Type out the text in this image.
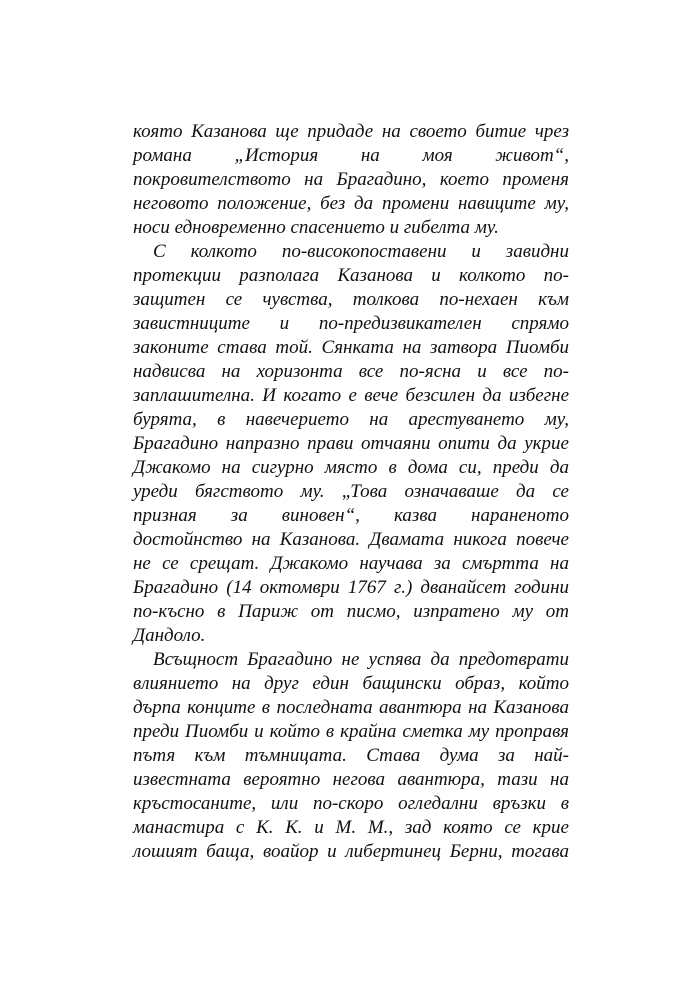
която Казанова ще придаде на своето битие чрез
романа „История на моя живот“,
покровителството на Брагадино, което променя
неговото положение, без да промени навиците му,
носи едновременно спасението и гибелта му.
С колкото по-високопоставени и завидни
протекции разполага Казанова и колкото по-
защитен се чувства, толкова по-нехаен към
завистниците и по-предизвикателен спрямо
законите става той. Сянката на затвора Пиомби
надвисва на хоризонта все по-ясна и все по-
заплашителна. И когато е вече безсилен да избегне
бурята, в навечерието на арестуването му,
Брагадино напразно прави отчаяни опити да укрие
Джакомо на сигурно място в дома си, преди да
уреди бягството му. „Това означаваше да се
призная за виновен“, казва нараненото
достойнство на Казанова. Двамата никога повече
не се срещат. Джакомо научава за смъртта на
Брагадино (14 октомври 1767 г.) дванайсет години
по-късно в Париж от писмо, изпратено му от
Дандоло.
Всъщност Брагадино не успява да предотврати
влиянието на друг един бащински образ, който
дърпа конците в последната авантюра на Казанова
преди Пиомби и който в крайна сметка му проправя
пътя към тъмницата. Става дума за най-
известната вероятно негова авантюра, тази на
кръстосаните, или по-скоро огледални връзки в
манастира с К. К. и М. М., зад която се крие
лошият баща, воайор и либертинец Берни, тогава
